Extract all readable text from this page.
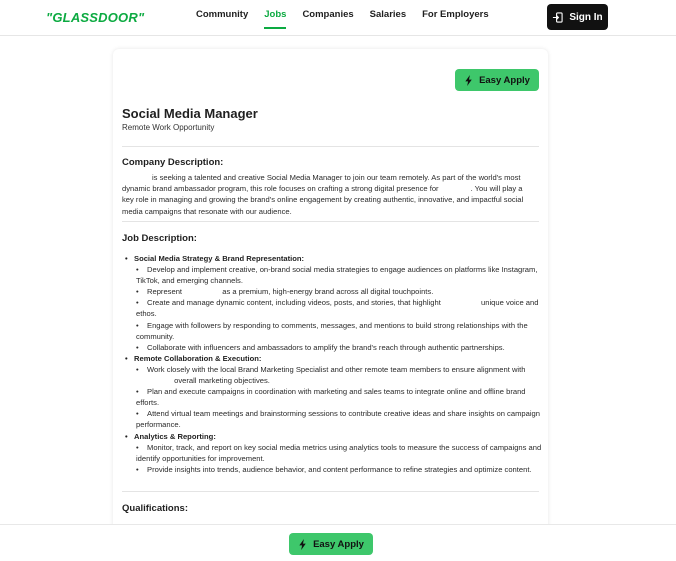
"GLASSDOOR"	Community	Jobs	Companies	Salaries	For Employers	Sign In
Easy Apply
Social Media Manager
Remote Work Opportunity
Company Description:
is seeking a talented and creative Social Media Manager to join our team remotely. As part of the world's most dynamic brand ambassador program, this role focuses on crafting a strong digital presence for	. You will play a key role in managing and growing the brand's online engagement by creating authentic, innovative, and impactful social media campaigns that resonate with our audience.
Job Description:
• Social Media Strategy & Brand Representation:
•	Develop and implement creative, on-brand social media strategies to engage audiences on platforms like Instagram, TikTok, and emerging channels.
•	Represent	as a premium, high-energy brand across all digital touchpoints.
•	Create and manage dynamic content, including videos, posts, and stories, that highlight	unique voice and ethos.
•	Engage with followers by responding to comments, messages, and mentions to build strong relationships with the community.
•	Collaborate with influencers and ambassadors to amplify the brand's reach through authentic partnerships.
• Remote Collaboration & Execution:
•	Work closely with the local Brand Marketing Specialist and other remote team members to ensure alignment with  overall marketing objectives.
•	Plan and execute campaigns in coordination with marketing and sales teams to integrate online and offline brand efforts.
•	Attend virtual team meetings and brainstorming sessions to contribute creative ideas and share insights on campaign performance.
• Analytics & Reporting:
•	Monitor, track, and report on key social media metrics using analytics tools to measure the success of campaigns and identify opportunities for improvement.
•	Provide insights into trends, audience behavior, and content performance to refine strategies and optimize content.
Qualifications:
Easy Apply
